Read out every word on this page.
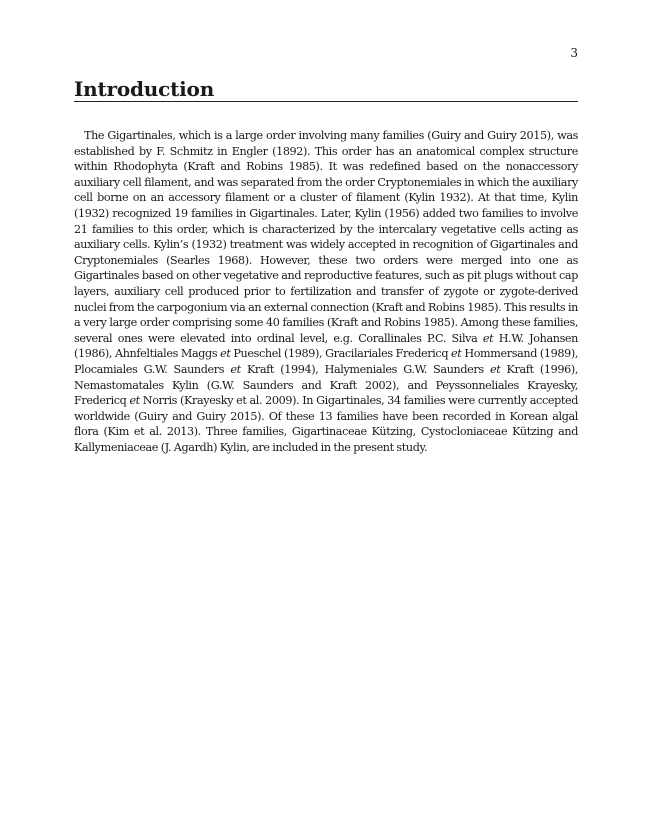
3
Introduction

The Gigartinales, which is a large order involving many families (Guiry and Guiry 2015), was established by F. Schmitz in Engler (1892). This order has an anatomical complex structure within Rhodophyta (Kraft and Robins 1985). It was redefined based on the nonaccessory auxiliary cell filament, and was separated from the order Cryptonemiales in which the auxiliary cell borne on an accessory filament or a cluster of filament (Kylin 1932). At that time, Kylin (1932) recognized 19 families in Gigartinales. Later, Kylin (1956) added two families to involve 21 families to this order, which is characterized by the intercalary vegetative cells acting as auxiliary cells. Kylin’s (1932) treatment was widely accepted in recognition of Gigartinales and Cryptonemiales (Searles 1968). However, these two orders were merged into one as Gigartinales based on other vegetative and reproductive features, such as pit plugs without cap layers, auxiliary cell produced prior to fertilization and transfer of zygote or zygote-derived nuclei from the carpogonium via an external connection (Kraft and Robins 1985). This results in a very large order comprising some 40 families (Kraft and Robins 1985). Among these families, several ones were elevated into ordinal level, e.g. Corallinales P.C. Silva et H.W. Johansen (1986), Ahnfeltiales Maggs et Pueschel (1989), Gracilariales Fredericq et Hommersand (1989), Plocamiales G.W. Saunders et Kraft (1994), Halymeniales G.W. Saunders et Kraft (1996), Nemastomatales Kylin (G.W. Saunders and Kraft 2002), and Peyssonneliales Krayesky, Fredericq et Norris (Krayesky et al. 2009). In Gigartinales, 34 families were currently accepted worldwide (Guiry and Guiry 2015). Of these 13 families have been recorded in Korean algal flora (Kim et al. 2013). Three families, Gigartinaceae Kützing, Cystocloniaceae Kützing and Kallymeniaceae (J. Agardh) Kylin, are included in the present study.
